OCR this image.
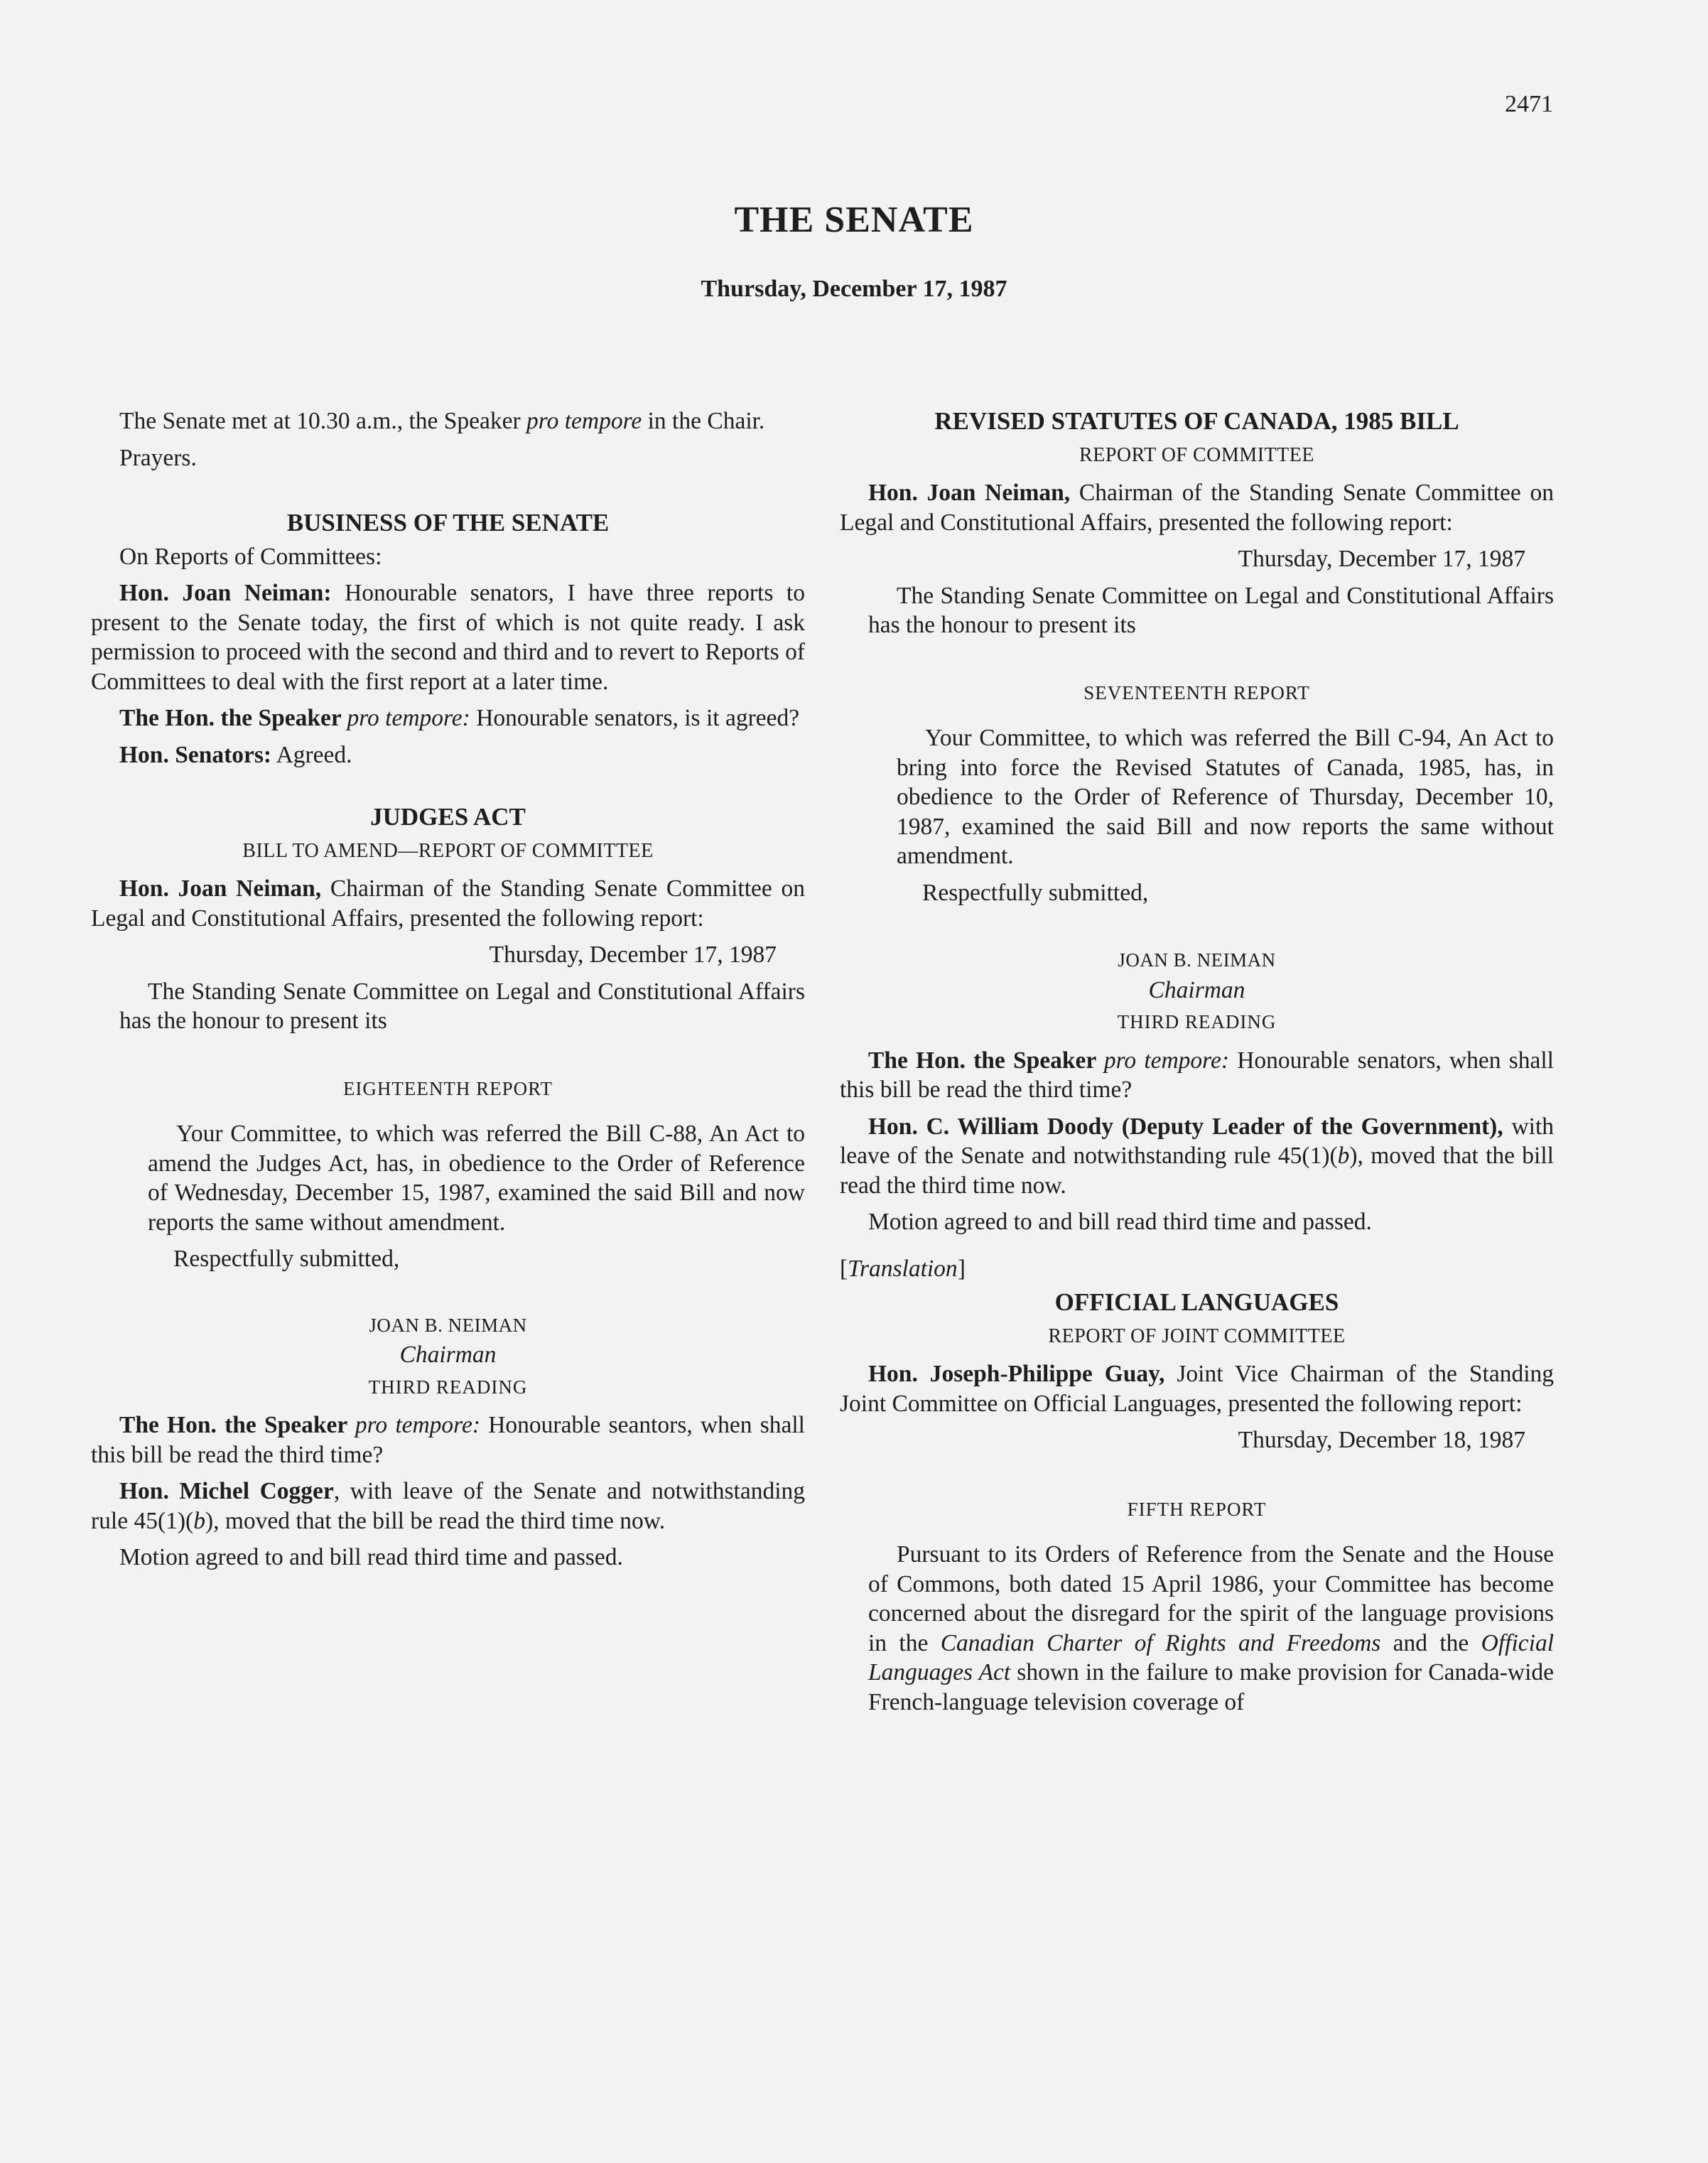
2471
THE SENATE
Thursday, December 17, 1987

The Senate met at 10.30 a.m., the Speaker pro tempore in the Chair.

Prayers.

BUSINESS OF THE SENATE

On Reports of Committees:

Hon. Joan Neiman: Honourable senators, I have three reports to present to the Senate today, the first of which is not quite ready. I ask permission to proceed with the second and third and to revert to Reports of Committees to deal with the first report at a later time.

The Hon. the Speaker pro tempore: Honourable senators, is it agreed?

Hon. Senators: Agreed.

JUDGES ACT
BILL TO AMEND—REPORT OF COMMITTEE

Hon. Joan Neiman, Chairman of the Standing Senate Committee on Legal and Constitutional Affairs, presented the following report:

Thursday, December 17, 1987

The Standing Senate Committee on Legal and Constitutional Affairs has the honour to present its

EIGHTEENTH REPORT

Your Committee, to which was referred the Bill C-88, An Act to amend the Judges Act, has, in obedience to the Order of Reference of Wednesday, December 15, 1987, examined the said Bill and now reports the same without amendment.

Respectfully submitted,

JOAN B. NEIMAN
Chairman
THIRD READING

The Hon. the Speaker pro tempore: Honourable seantors, when shall this bill be read the third time?

Hon. Michel Cogger, with leave of the Senate and notwithstanding rule 45(1)(b), moved that the bill be read the third time now.

Motion agreed to and bill read third time and passed.

REVISED STATUTES OF CANADA, 1985 BILL
REPORT OF COMMITTEE

Hon. Joan Neiman, Chairman of the Standing Senate Committee on Legal and Constitutional Affairs, presented the following report:

Thursday, December 17, 1987

The Standing Senate Committee on Legal and Constitutional Affairs has the honour to present its

SEVENTEENTH REPORT

Your Committee, to which was referred the Bill C-94, An Act to bring into force the Revised Statutes of Canada, 1985, has, in obedience to the Order of Reference of Thursday, December 10, 1987, examined the said Bill and now reports the same without amendment.

Respectfully submitted,

JOAN B. NEIMAN
Chairman
THIRD READING

The Hon. the Speaker pro tempore: Honourable senators, when shall this bill be read the third time?

Hon. C. William Doody (Deputy Leader of the Government), with leave of the Senate and notwithstanding rule 45(1)(b), moved that the bill read the third time now.

Motion agreed to and bill read third time and passed.

[Translation]

OFFICIAL LANGUAGES
REPORT OF JOINT COMMITTEE

Hon. Joseph-Philippe Guay, Joint Vice Chairman of the Standing Joint Committee on Official Languages, presented the following report:

Thursday, December 18, 1987

FIFTH REPORT

Pursuant to its Orders of Reference from the Senate and the House of Commons, both dated 15 April 1986, your Committee has become concerned about the disregard for the spirit of the language provisions in the Canadian Charter of Rights and Freedoms and the Official Languages Act shown in the failure to make provision for Canada-wide French-language television coverage of
